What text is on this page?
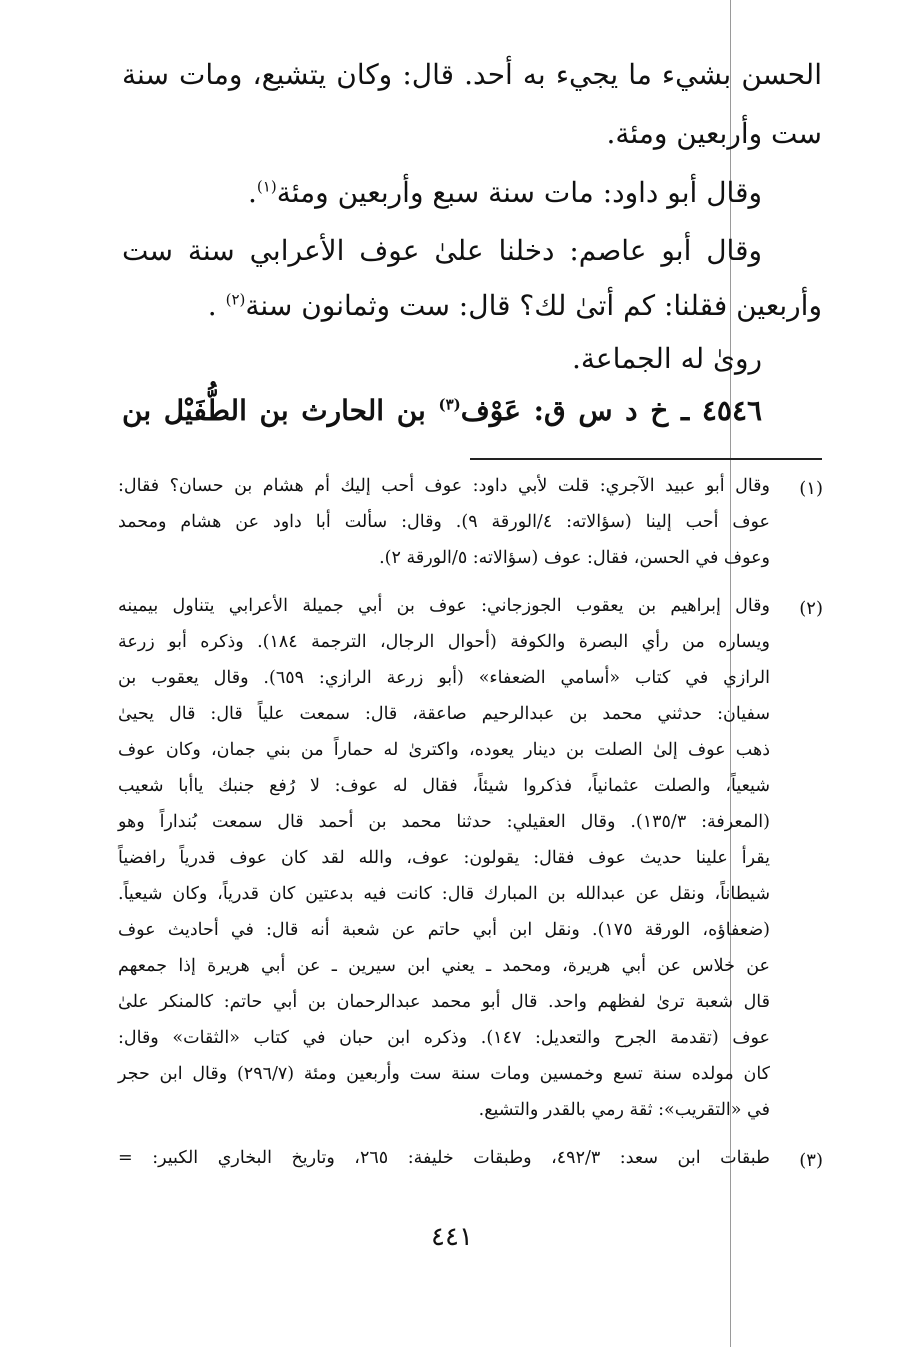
الحسن بشيء ما يجيء به أحد. قال: وكان يتشيع، ومات سنة
ست وأربعين ومئة.
وقال أبو داود: مات سنة سبع وأربعين ومئة$^{(١)}$.
وقال أبو عاصم: دخلنا علىٰ عوف الأعرابي سنة ست
وأربعين فقلنا: كم أتىٰ لك؟ قال: ست وثمانون سنة$^{(٢)}$ .
روىٰ له الجماعة.
٤٥٤٦ ـ خ د س ق: عَوْف$^{(٣)}$ بن الحارث بن الطُّفَيْل بن
(١)
وقال أبو عبيد الآجري: قلت لأبي داود: عوف أحب إليك أم هشام بن حسان؟ فقال:
عوف أحب إلينا (سؤالاته: ٤/الورقة ٩). وقال: سألت أبا داود عن هشام ومحمد
وعوف في الحسن، فقال: عوف (سؤالاته: ٥/الورقة ٢).
(٢)
وقال إبراهيم بن يعقوب الجوزجاني: عوف بن أبي جميلة الأعرابي يتناول بيمينه
ويساره من رأي البصرة والكوفة (أحوال الرجال، الترجمة ١٨٤). وذكره أبو زرعة
الرازي في كتاب «أسامي الضعفاء» (أبو زرعة الرازي: ٦٥٩). وقال يعقوب بن
سفيان: حدثني محمد بن عبدالرحيم صاعقة، قال: سمعت علياً قال: قال يحيىٰ
ذهب عوف إلىٰ الصلت بن دينار يعوده، واكترىٰ له حماراً من بني جمان، وكان عوف
شيعياً، والصلت عثمانياً، فذكروا شيئاً، فقال له عوف: لا رُفع جنبك ياأبا شعيب
(المعرفة: ١٣٥/٣). وقال العقيلي: حدثنا محمد بن أحمد قال سمعت بُنداراً وهو
يقرأ علينا حديث عوف فقال: يقولون: عوف، والله لقد كان عوف قدرياً رافضياً
شيطاناً، ونقل عن عبدالله بن المبارك قال: كانت فيه بدعتين كان قدرياً، وكان شيعياً.
(ضعفاؤه، الورقة ١٧٥). ونقل ابن أبي حاتم عن شعبة أنه قال: في أحاديث عوف
عن خلاس عن أبي هريرة، ومحمد ـ يعني ابن سيرين ـ عن أبي هريرة إذا جمعهم
قال شعبة ترىٰ لفظهم واحد. قال أبو محمد عبدالرحمان بن أبي حاتم: كالمنكر علىٰ
عوف (تقدمة الجرح والتعديل: ١٤٧). وذكره ابن حبان في كتاب «الثقات» وقال:
كان مولده سنة تسع وخمسين ومات سنة ست وأربعين ومئة (٢٩٦/٧) وقال ابن حجر
في «التقريب»: ثقة رمي بالقدر والتشيع.
(٣)
طبقات ابن سعد: ٤٩٢/٣، وطبقات خليفة: ٢٦٥، وتاريخ البخاري الكبير: =
٤٤١
